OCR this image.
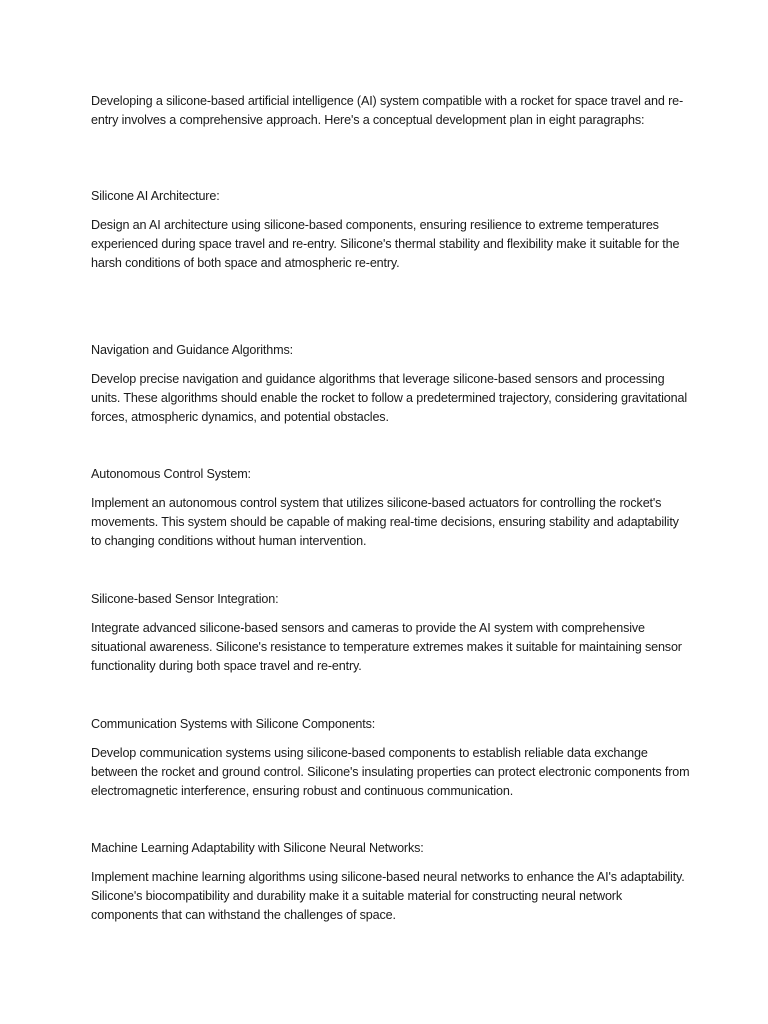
Developing a silicone-based artificial intelligence (AI) system compatible with a rocket for space travel and re-entry involves a comprehensive approach. Here's a conceptual development plan in eight paragraphs:

Silicone AI Architecture:

Design an AI architecture using silicone-based components, ensuring resilience to extreme temperatures experienced during space travel and re-entry. Silicone's thermal stability and flexibility make it suitable for the harsh conditions of both space and atmospheric re-entry.

Navigation and Guidance Algorithms:

Develop precise navigation and guidance algorithms that leverage silicone-based sensors and processing units. These algorithms should enable the rocket to follow a predetermined trajectory, considering gravitational forces, atmospheric dynamics, and potential obstacles.

Autonomous Control System:

Implement an autonomous control system that utilizes silicone-based actuators for controlling the rocket's movements. This system should be capable of making real-time decisions, ensuring stability and adaptability to changing conditions without human intervention.

Silicone-based Sensor Integration:

Integrate advanced silicone-based sensors and cameras to provide the AI system with comprehensive situational awareness. Silicone's resistance to temperature extremes makes it suitable for maintaining sensor functionality during both space travel and re-entry.

Communication Systems with Silicone Components:

Develop communication systems using silicone-based components to establish reliable data exchange between the rocket and ground control. Silicone's insulating properties can protect electronic components from electromagnetic interference, ensuring robust and continuous communication.

Machine Learning Adaptability with Silicone Neural Networks:

Implement machine learning algorithms using silicone-based neural networks to enhance the AI's adaptability. Silicone's biocompatibility and durability make it a suitable material for constructing neural network components that can withstand the challenges of space.
